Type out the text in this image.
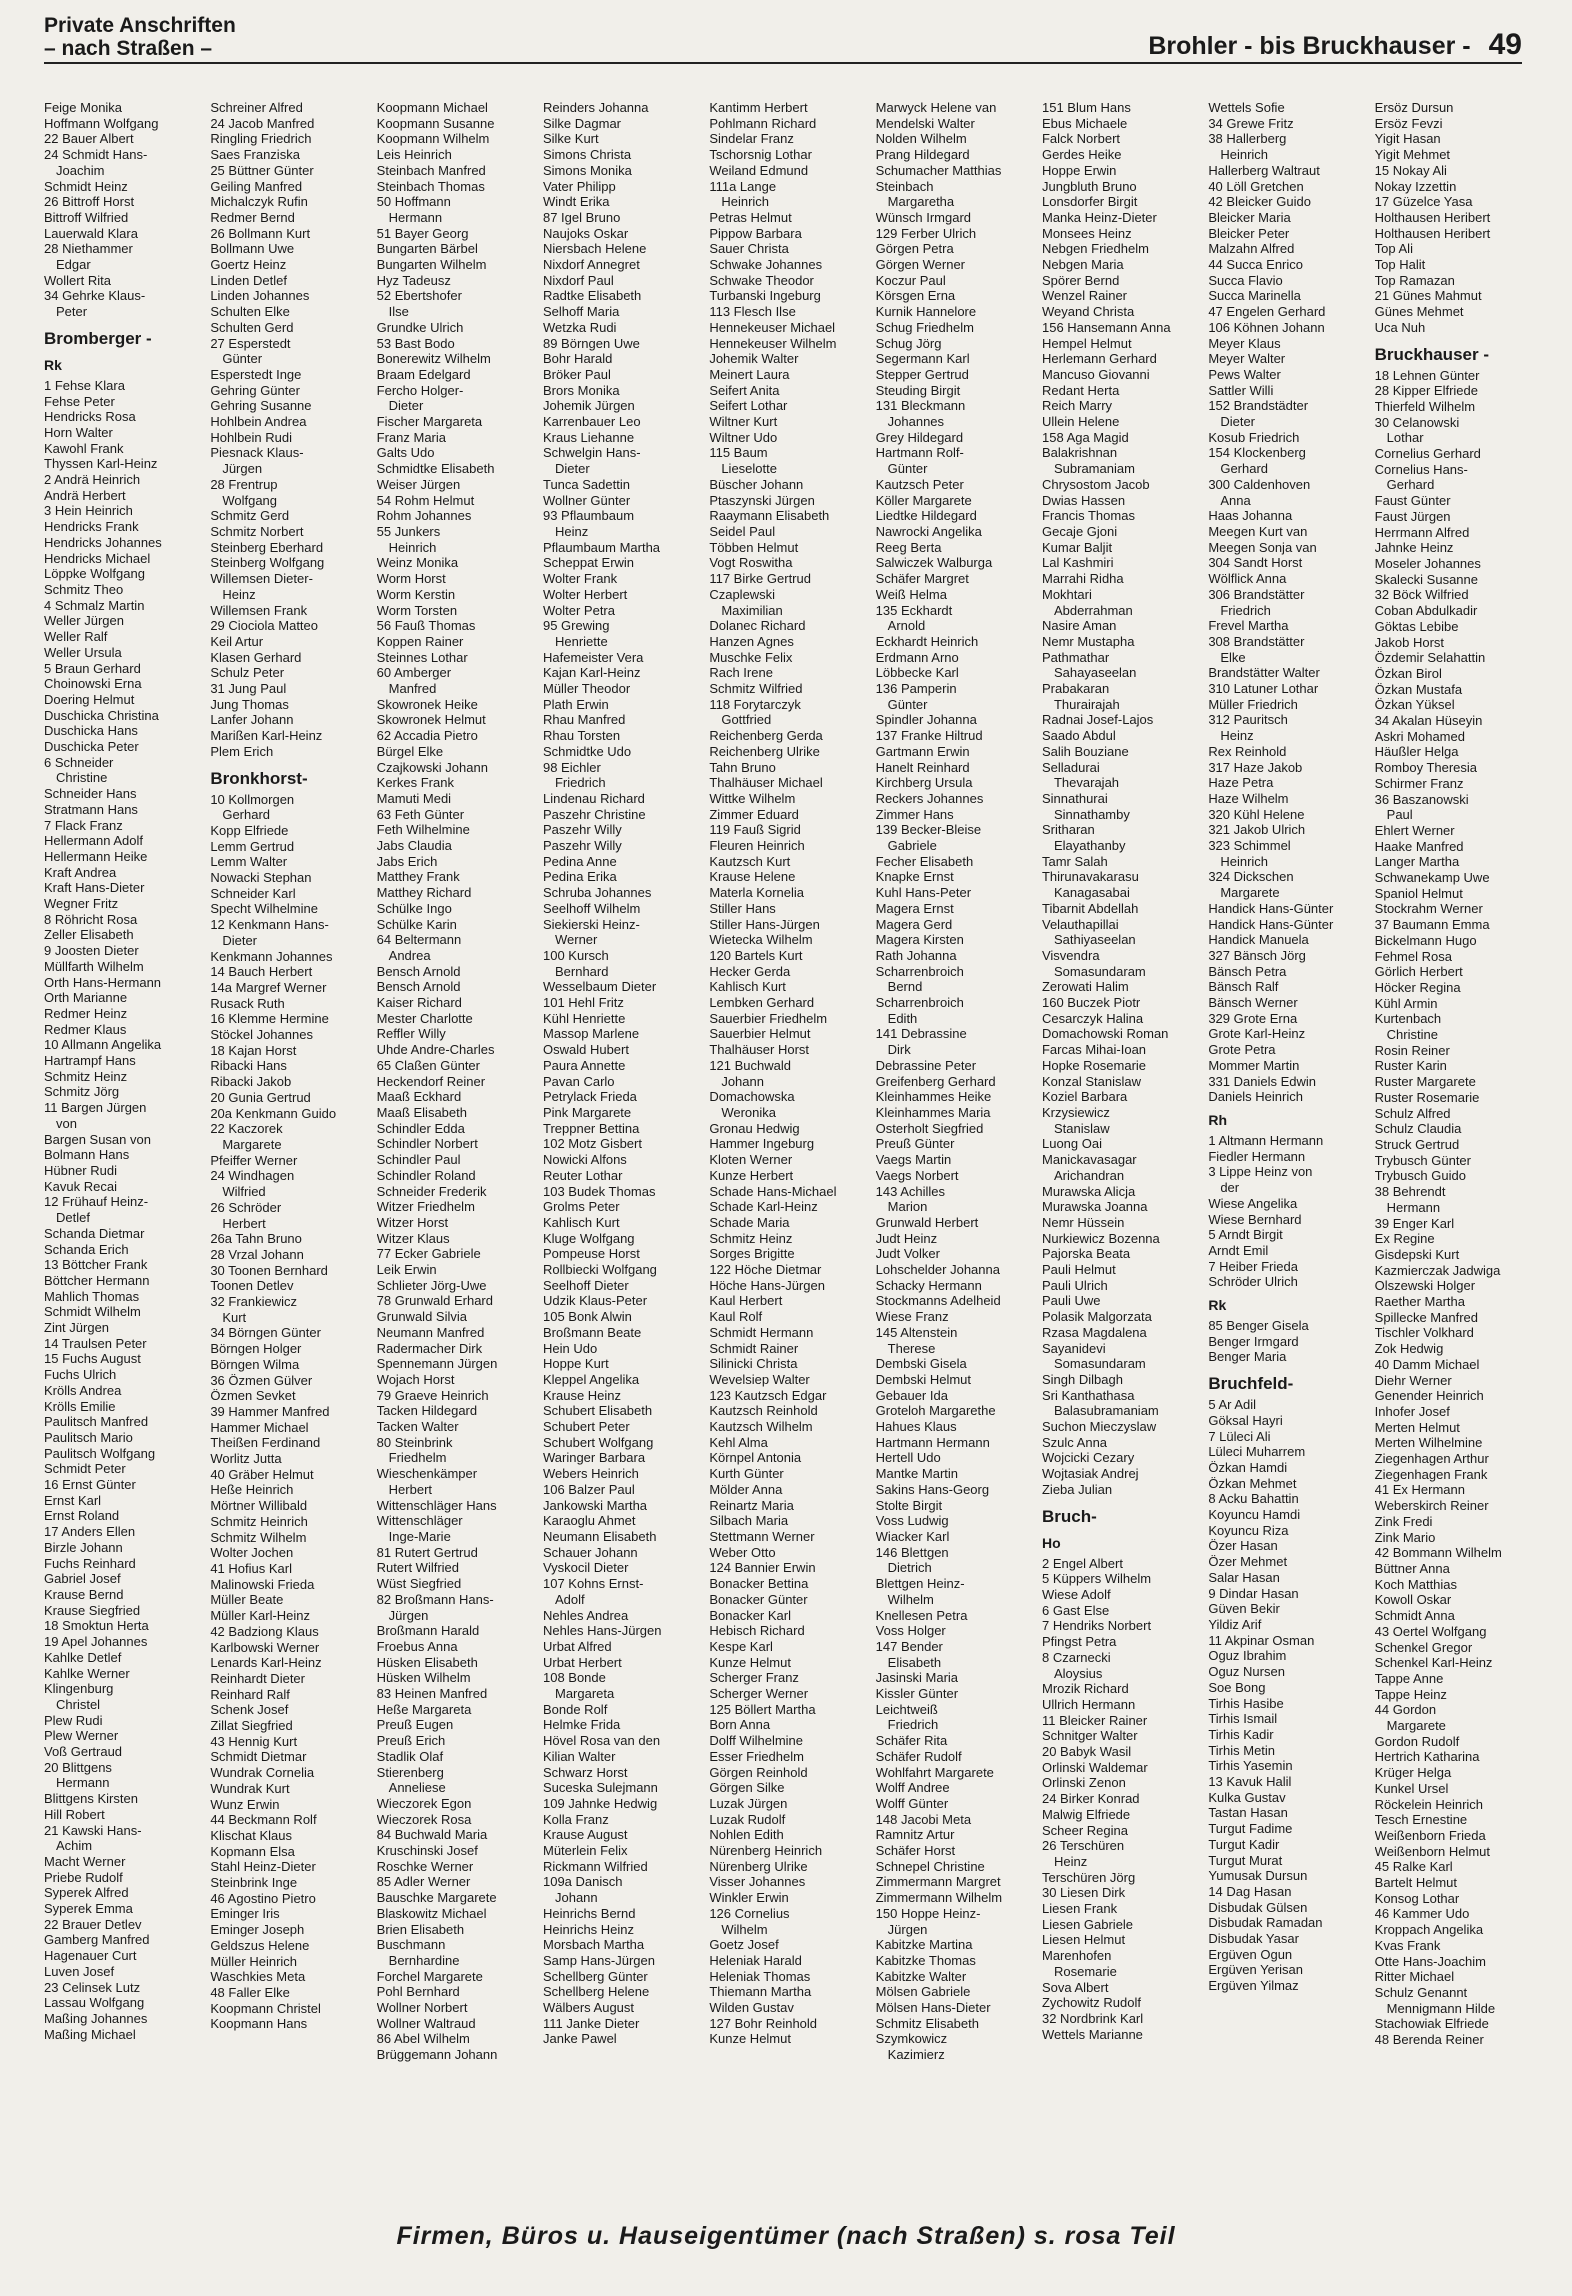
Private Anschriften
– nach Straßen –	Brohler - bis Bruckhauser - 49
Feige Monika
Hoffmann Wolfgang
22 Bauer Albert
24 Schmidt Hans-
Joachim
Schmidt Heinz
26 Bittroff Horst
Bittroff Wilfried
Lauerwald Klara
28 Niethammer
Edgar
Wollert Rita
34 Gehrke Klaus-
Peter
Bromberger -
Rk
1 Fehse Klara
Fehse Peter
Hendricks Rosa
Horn Walter
Kawohl Frank
Thyssen Karl-Heinz
2 Andrä Heinrich
Andrä Herbert
3 Hein Heinrich
Hendricks Frank
Hendricks Johannes
Hendricks Michael
Löppke Wolfgang
Schmitz Theo
4 Schmalz Martin
Weller Jürgen
Weller Ralf
Weller Ursula
5 Braun Gerhard
Choinowski Erna
Doering Helmut
Duschicka Christina
Duschicka Hans
Duschicka Peter
6 Schneider
Christine
Schneider Hans
Stratmann Hans
7 Flack Franz
Hellermann Adolf
Hellermann Heike
Kraft Andrea
Kraft Hans-Dieter
Wegner Fritz
8 Röhricht Rosa
Zeller Elisabeth
9 Joosten Dieter
Müllfarth Wilhelm
Orth Hans-Hermann
Orth Marianne
Redmer Heinz
Redmer Klaus
10 Allmann Angelika
Hartrampf Hans
Schmitz Heinz
Schmitz Jörg
11 Bargen Jürgen
von
Bargen Susan von
Bolmann Hans
Hübner Rudi
Kavuk Recai
12 Frühauf Heinz-
Detlef
Schanda Dietmar
Schanda Erich
13 Böttcher Frank
Böttcher Hermann
Mahlich Thomas
Schmidt Wilhelm
Zint Jürgen
14 Traulsen Peter
15 Fuchs August
Fuchs Ulrich
Krölls Andrea
Krölls Emilie
Paulitsch Manfred
Paulitsch Mario
Paulitsch Wolfgang
Schmidt Peter
16 Ernst Günter
Ernst Karl
Ernst Roland
17 Anders Ellen
Birzle Johann
Fuchs Reinhard
Gabriel Josef
Krause Bernd
Krause Siegfried
18 Smoktun Herta
19 Apel Johannes
Kahlke Detlef
Kahlke Werner
Klingenburg
Christel
Plew Rudi
Plew Werner
Voß Gertraud
20 Blittgens
Hermann
Blittgens Kirsten
Hill Robert
21 Kawski Hans-
Achim
Macht Werner
Priebe Rudolf
Syperek Alfred
Syperek Emma
22 Brauer Detlev
Gamberg Manfred
Hagenauer Curt
Luven Josef
23 Celinsek Lutz
Lassau Wolfgang
Maßing Johannes
Maßing Michael
Schreiner Alfred
24 Jacob Manfred
Ringling Friedrich
Saes Franziska
25 Büttner Günter
Geiling Manfred
Michalczyk Rufin
Redmer Bernd
26 Bollmann Kurt
Bollmann Uwe
Goertz Heinz
Linden Detlef
Linden Johannes
Schulten Elke
Schulten Gerd
27 Esperstedt
Günter
Esperstedt Inge
Gehring Günter
Gehring Susanne
Hohlbein Andrea
Hohlbein Rudi
Piesnack Klaus-
Jürgen
28 Frentrup
Wolfgang
Schmitz Gerd
Schmitz Norbert
Steinberg Eberhard
Steinberg Wolfgang
Willemsen Dieter-
Heinz
Willemsen Frank
29 Ciociola Matteo
Keil Artur
Klasen Gerhard
Schulz Peter
31 Jung Paul
Jung Thomas
Lanfer Johann
Marißen Karl-Heinz
Plem Erich
Bronkhorst-
10 Kollmorgen
Gerhard
Kopp Elfriede
Lemm Gertrud
Lemm Walter
Nowacki Stephan
Schneider Karl
Specht Wilhelmine
12 Kenkmann Hans-
Dieter
Kenkmann Johannes
14 Bauch Herbert
14a Margref Werner
Rusack Ruth
16 Klemme Hermine
Stöckel Johannes
18 Kajan Horst
Ribacki Hans
Ribacki Jakob
20 Gunia Gertrud
20a Kenkmann Guido
22 Kaczorek
Margarete
Pfeiffer Werner
24 Windhagen
Wilfried
26 Schröder
Herbert
26a Tahn Bruno
28 Vrzal Johann
30 Toonen Bernhard
Toonen Detlev
32 Frankiewicz
Kurt
34 Börngen Günter
Börngen Holger
Börngen Wilma
36 Özmen Gülver
Özmen Sevket
39 Hammer Manfred
Hammer Michael
Theißen Ferdinand
Worlitz Jutta
40 Gräber Helmut
Heße Heinrich
Mörtner Willibald
Schmitz Heinrich
Schmitz Wilhelm
Wolter Jochen
41 Hofius Karl
Malinowski Frieda
Müller Beate
Müller Karl-Heinz
42 Badziong Klaus
Karlbowski Werner
Lenards Karl-Heinz
Reinhardt Dieter
Reinhard Ralf
Schenk Josef
Zillat Siegfried
43 Hennig Kurt
Schmidt Dietmar
Wundrak Cornelia
Wundrak Kurt
Wunz Erwin
44 Beckmann Rolf
Klischat Klaus
Kopmann Elsa
Stahl Heinz-Dieter
Steinbrink Inge
46 Agostino Pietro
Eminger Iris
Eminger Joseph
Geldszus Helene
Müller Heinrich
Waschkies Meta
48 Faller Elke
Koopmann Christel
Koopmann Hans
Koopmann Michael
Koopmann Susanne
Koopmann Wilhelm
Leis Heinrich
Steinbach Manfred
Steinbach Thomas
50 Hoffmann
Hermann
51 Bayer Georg
Bungarten Bärbel
Bungarten Wilhelm
Hyz Tadeusz
52 Ebertshofer
Ilse
Grundke Ulrich
53 Bast Bodo
Bonerewitz Wilhelm
Braam Edelgard
Fercho Holger-
Dieter
Fischer Margareta
Franz Maria
Galts Udo
Schmidtke Elisabeth
Weiser Jürgen
54 Rohm Helmut
Rohm Johannes
55 Junkers
Heinrich
Weinz Monika
Worm Horst
Worm Kerstin
Worm Torsten
56 Fauß Thomas
Koppen Rainer
Steinnes Lothar
60 Amberger
Manfred
Skowronek Heike
Skowronek Helmut
62 Accadia Pietro
Bürgel Elke
Czajkowski Johann
Kerkes Frank
Mamuti Medi
63 Feth Günter
Feth Wilhelmine
Jabs Claudia
Jabs Erich
Matthey Frank
Matthey Richard
Schülke Ingo
Schülke Karin
64 Beltermann
Andrea
Bensch Arnold
Bensch Arnold
Kaiser Richard
Mester Charlotte
Reffler Willy
Uhde Andre-Charles
65 Claßen Günter
Heckendorf Reiner
Maaß Eckhard
Maaß Elisabeth
Schindler Edda
Schindler Norbert
Schindler Paul
Schindler Roland
Schneider Frederik
Witzer Friedhelm
Witzer Horst
Witzer Klaus
77 Ecker Gabriele
Leik Erwin
Schlieter Jörg-Uwe
78 Grunwald Erhard
Grunwald Silvia
Neumann Manfred
Radermacher Dirk
Spennemann Jürgen
Wojach Horst
79 Graeve Heinrich
Tacken Hildegard
Tacken Walter
80 Steinbrink
Friedhelm
Wieschenkämper
Herbert
Wittenschläger Hans
Wittenschläger
Inge-Marie
81 Rutert Gertrud
Rutert Wilfried
Wüst Siegfried
82 Broßmann Hans-
Jürgen
Broßmann Harald
Froebus Anna
Hüsken Elisabeth
Hüsken Wilhelm
83 Heinen Manfred
Heße Margareta
Preuß Eugen
Preuß Erich
Stadlik Olaf
Stierenberg
Anneliese
Wieczorek Egon
Wieczorek Rosa
84 Buchwald Maria
Kruschinski Josef
Roschke Werner
85 Adler Werner
Bauschke Margarete
Blaskowitz Michael
Brien Elisabeth
Buschmann
Bernhardine
Forchel Margarete
Pohl Bernhard
Wollner Norbert
Wollner Waltraud
86 Abel Wilhelm
Brüggemann Johann
Reinders Johanna
Silke Dagmar
Silke Kurt
Simons Christa
Simons Monika
Vater Philipp
Windt Erika
87 Igel Bruno
Naujoks Oskar
Niersbach Helene
Nixdorf Annegret
Nixdorf Paul
Radtke Elisabeth
Selhoff Maria
Wetzka Rudi
89 Börngen Uwe
Bohr Harald
Bröker Paul
Brors Monika
Johemik Jürgen
Karrenbauer Leo
Kraus Liehanne
Schwelgin Hans-
Dieter
Tunca Sadettin
Wollner Günter
93 Pflaumbaum
Heinz
Pflaumbaum Martha
Scheppat Erwin
Wolter Frank
Wolter Herbert
Wolter Petra
95 Grewing
Henriette
Hafemeister Vera
Kajan Karl-Heinz
Müller Theodor
Plath Erwin
Rhau Manfred
Rhau Torsten
Schmidtke Udo
98 Eichler
Friedrich
Lindenau Richard
Paszehr Christine
Paszehr Willy
Paszehr Willy
Pedina Anne
Pedina Erika
Schruba Johannes
Seelhoff Wilhelm
Siekierski Heinz-
Werner
100 Kursch
Bernhard
Wesselbaum Dieter
101 Hehl Fritz
Kühl Henriette
Massop Marlene
Oswald Hubert
Paura Annette
Pavan Carlo
Petrylack Frieda
Pink Margarete
Treppner Bettina
102 Motz Gisbert
Nowicki Alfons
Reuter Lothar
103 Budek Thomas
Grolms Peter
Kahlisch Kurt
Kluge Wolfgang
Pompeuse Horst
Rollbiecki Wolfgang
Seelhoff Dieter
Udzik Klaus-Peter
105 Bonk Alwin
Broßmann Beate
Hein Udo
Hoppe Kurt
Kleppel Angelika
Krause Heinz
Schubert Elisabeth
Schubert Peter
Schubert Wolfgang
Waringer Barbara
Webers Heinrich
106 Balzer Paul
Jankowski Martha
Karaoglu Ahmet
Neumann Elisabeth
Schauer Johann
Vyskocil Dieter
107 Kohns Ernst-
Adolf
Nehles Andrea
Nehles Hans-Jürgen
Urbat Alfred
Urbat Herbert
108 Bonde
Margareta
Bonde Rolf
Helmke Frida
Hövel Rosa van den
Kilian Walter
Schwarz Horst
Suceska Sulejmann
109 Jahnke Hedwig
Kolla Franz
Krause August
Müterlein Felix
Rickmann Wilfried
109a Danisch
Johann
Heinrichs Bernd
Heinrichs Heinz
Morsbach Martha
Samp Hans-Jürgen
Schellberg Günter
Schellberg Helene
Wälbers August
111 Janke Dieter
Janke Pawel
Kantimm Herbert
Pohlmann Richard
Sindelar Franz
Tschorsnig Lothar
Weiland Edmund
111a Lange
Heinrich
Petras Helmut
Pippow Barbara
Sauer Christa
Schwake Johannes
Schwake Theodor
Turbanski Ingeburg
113 Flesch Ilse
Hennekeuser Michael
Hennekeuser Wilhelm
Johemik Walter
Meinert Laura
Seifert Anita
Seifert Lothar
Wiltner Kurt
Wiltner Udo
115 Baum
Lieselotte
Büscher Johann
Ptaszynski Jürgen
Raaymann Elisabeth
Seidel Paul
Többen Helmut
Vogt Roswitha
117 Birke Gertrud
Czaplewski
Maximilian
Dolanec Richard
Hanzen Agnes
Muschke Felix
Rach Irene
Schmitz Wilfried
118 Forytarczyk
Gottfried
Reichenberg Gerda
Reichenberg Ulrike
Tahn Bruno
Thalhäuser Michael
Wittke Wilhelm
Zimmer Eduard
119 Fauß Sigrid
Fleuren Heinrich
Kautzsch Kurt
Krause Helene
Materla Kornelia
Stiller Hans
Stiller Hans-Jürgen
Wietecka Wilhelm
120 Bartels Kurt
Hecker Gerda
Kahlisch Kurt
Lembken Gerhard
Sauerbier Friedhelm
Sauerbier Helmut
Thalhäuser Horst
121 Buchwald
Johann
Domachowska
Weronika
Gronau Hedwig
Hammer Ingeburg
Kloten Werner
Kunze Herbert
Schade Hans-Michael
Schade Karl-Heinz
Schade Maria
Schmitz Heinz
Sorges Brigitte
122 Höche Dietmar
Höche Hans-Jürgen
Kaul Herbert
Kaul Rolf
Schmidt Hermann
Schmidt Rainer
Silinicki Christa
Wevelsiep Walter
123 Kautzsch Edgar
Kautzsch Reinhold
Kautzsch Wilhelm
Kehl Alma
Körnpel Antonia
Kurth Günter
Mölder Anna
Reinartz Maria
Silbach Maria
Stettmann Werner
Weber Otto
124 Bannier Erwin
Bonacker Bettina
Bonacker Günter
Bonacker Karl
Hebisch Richard
Kespe Karl
Kunze Helmut
Scherger Franz
Scherger Werner
125 Böllert Martha
Born Anna
Dolff Wilhelmine
Esser Friedhelm
Görgen Reinhold
Görgen Silke
Luzak Jürgen
Luzak Rudolf
Nohlen Edith
Nürenberg Heinrich
Nürenberg Ulrike
Visser Johannes
Winkler Erwin
126 Cornelius
Wilhelm
Goetz Josef
Heleniak Harald
Heleniak Thomas
Thiemann Martha
Wilden Gustav
127 Bohr Reinhold
Kunze Helmut
Marwyck Helene van
Mendelski Walter
Nolden Wilhelm
Prang Hildegard
Schumacher Matthias
Steinbach
Margaretha
Wünsch Irmgard
129 Ferber Ulrich
Görgen Petra
Görgen Werner
Koczur Paul
Körsgen Erna
Kurnik Hannelore
Schug Friedhelm
Schug Jörg
Segermann Karl
Stepper Gertrud
Steuding Birgit
131 Bleckmann
Johannes
Grey Hildegard
Hartmann Rolf-
Günter
Kautzsch Peter
Köller Margarete
Liedtke Hildegard
Nawrocki Angelika
Reeg Berta
Salwiczek Walburga
Schäfer Margret
Weiß Helma
135 Eckhardt
Arnold
Eckhardt Heinrich
Erdmann Arno
Löbbecke Karl
136 Pamperin
Günter
Spindler Johanna
137 Franke Hiltrud
Gartmann Erwin
Hanelt Reinhard
Kirchberg Ursula
Reckers Johannes
Zimmer Hans
139 Becker-Bleise
Gabriele
Fecher Elisabeth
Knapke Ernst
Kuhl Hans-Peter
Magera Ernst
Magera Gerd
Magera Kirsten
Rath Johanna
Scharrenbroich
Bernd
Scharrenbroich
Edith
141 Debrassine
Dirk
Debrassine Peter
Greifenberg Gerhard
Kleinhammes Heike
Kleinhammes Maria
Osterholt Siegfried
Preuß Günter
Vaegs Martin
Vaegs Norbert
143 Achilles
Marion
Grunwald Herbert
Judt Heinz
Judt Volker
Lohschelder Johanna
Schacky Hermann
Stockmanns Adelheid
Wiese Franz
145 Altenstein
Therese
Dembski Gisela
Dembski Helmut
Gebauer Ida
Groteloh Margarethe
Hahues Klaus
Hartmann Hermann
Hertell Udo
Mantke Martin
Sakins Hans-Georg
Stolte Birgit
Voss Ludwig
Wiacker Karl
146 Blettgen
Dietrich
Blettgen Heinz-
Wilhelm
Knellesen Petra
Voss Holger
147 Bender
Elisabeth
Jasinski Maria
Kissler Günter
Leichtweiß
Friedrich
Schäfer Rita
Schäfer Rudolf
Wohlfahrt Margarete
Wolff Andree
Wolff Günter
148 Jacobi Meta
Ramnitz Artur
Schäfer Horst
Schnepel Christine
Zimmermann Margret
Zimmermann Wilhelm
150 Hoppe Heinz-
Jürgen
Kabitzke Martina
Kabitzke Thomas
Kabitzke Walter
Mölsen Gabriele
Mölsen Hans-Dieter
Schmitz Elisabeth
Szymkowicz
Kazimierz
151 Blum Hans
Ebus Michaele
Falck Norbert
Gerdes Heike
Hoppe Erwin
Jungbluth Bruno
Lonsdorfer Birgit
Manka Heinz-Dieter
Monsees Heinz
Nebgen Friedhelm
Nebgen Maria
Spörer Bernd
Wenzel Rainer
Weyand Christa
156 Hansemann Anna
Hempel Helmut
Herlemann Gerhard
Mancuso Giovanni
Redant Herta
Reich Marry
Ullein Helene
158 Aga Magid
Balakrishnan
Subramaniam
Chrysostom Jacob
Dwias Hassen
Francis Thomas
Gecaje Gjoni
Kumar Baljit
Lal Kashmiri
Marrahi Ridha
Mokhtari
Abderrahman
Nasire Aman
Nemr Mustapha
Pathmathar
Sahayaseelan
Prabakaran
Thurairajah
Radnai Josef-Lajos
Saado Abdul
Salih Bouziane
Selladurai
Thevarajah
Sinnathurai
Sinnathamby
Sritharan
Elayathanby
Tamr Salah
Thirunavakarasu
Kanagasabai
Tibarnit Abdellah
Velauthapillai
Sathiyaseelan
Visvendra
Somasundaram
Zerowati Halim
160 Buczek Piotr
Cesarczyk Halina
Domachowski Roman
Farcas Mihai-Ioan
Hopke Rosemarie
Konzal Stanislaw
Koziel Barbara
Krzysiewicz
Stanislaw
Luong Oai
Manickavasagar
Arichandran
Murawska Alicja
Murawska Joanna
Nemr Hüssein
Nurkiewicz Bozenna
Pajorska Beata
Pauli Helmut
Pauli Ulrich
Pauli Uwe
Polasik Malgorzata
Rzasa Magdalena
Sayanidevi
Somasundaram
Singh Dilbagh
Sri Kanthathasa
Balasubramaniam
Suchon Mieczyslaw
Szulc Anna
Wojcicki Cezary
Wojtasiak Andrej
Zieba Julian
Bruch-
Ho
2 Engel Albert
5 Küppers Wilhelm
Wiese Adolf
6 Gast Else
7 Hendriks Norbert
Pfingst Petra
8 Czarnecki
Aloysius
Mrozik Richard
Ullrich Hermann
11 Bleicker Rainer
Schnitger Walter
20 Babyk Wasil
Orlinski Waldemar
Orlinski Zenon
24 Birker Konrad
Malwig Elfriede
Scheer Regina
26 Terschüren
Heinz
Terschüren Jörg
30 Liesen Dirk
Liesen Frank
Liesen Gabriele
Liesen Helmut
Marenhofen
Rosemarie
Sova Albert
Zychowitz Rudolf
32 Nordbrink Karl
Wettels Marianne
Wettels Sofie
34 Grewe Fritz
38 Hallerberg
Heinrich
Hallerberg Waltraut
40 Löll Gretchen
42 Bleicker Guido
Bleicker Maria
Bleicker Peter
Malzahn Alfred
44 Succa Enrico
Succa Flavio
Succa Marinella
47 Engelen Gerhard
106 Köhnen Johann
Meyer Klaus
Meyer Walter
Pews Walter
Sattler Willi
152 Brandstädter
Dieter
Kosub Friedrich
154 Klockenberg
Gerhard
300 Caldenhoven
Anna
Haas Johanna
Meegen Kurt van
Meegen Sonja van
304 Sandt Horst
Wölflick Anna
306 Brandstätter
Friedrich
Frevel Martha
308 Brandstätter
Elke
Brandstätter Walter
310 Latuner Lothar
Müller Friedrich
312 Pauritsch
Heinz
Rex Reinhold
317 Haze Jakob
Haze Petra
Haze Wilhelm
320 Kühl Helene
321 Jakob Ulrich
323 Schimmel
Heinrich
324 Dickschen
Margarete
Handick Hans-Günter
Handick Hans-Günter
Handick Manuela
327 Bänsch Jörg
Bänsch Petra
Bänsch Ralf
Bänsch Werner
329 Grote Erna
Grote Karl-Heinz
Grote Petra
Mommer Martin
331 Daniels Edwin
Daniels Heinrich
Rh
1 Altmann Hermann
Fiedler Hermann
3 Lippe Heinz von
der
Wiese Angelika
Wiese Bernhard
5 Arndt Birgit
Arndt Emil
7 Heiber Frieda
Schröder Ulrich
Rk
85 Benger Gisela
Benger Irmgard
Benger Maria
Bruchfeld-
5 Ar Adil
Göksal Hayri
7 Lüleci Ali
Lüleci Muharrem
Özkan Hamdi
Özkan Mehmet
8 Acku Bahattin
Koyuncu Hamdi
Koyuncu Riza
Özer Hasan
Özer Mehmet
Salar Hasan
9 Dindar Hasan
Güven Bekir
Yildiz Arif
11 Akpinar Osman
Oguz Ibrahim
Oguz Nursen
Soe Bong
Tirhis Hasibe
Tirhis Ismail
Tirhis Kadir
Tirhis Metin
Tirhis Yasemin
13 Kavuk Halil
Kulka Gustav
Tastan Hasan
Turgut Fadime
Turgut Kadir
Turgut Murat
Yumusak Dursun
14 Dag Hasan
Disbudak Gülsen
Disbudak Ramadan
Disbudak Yasar
Ergüven Ogun
Ergüven Yerisan
Ergüven Yilmaz
Ersöz Dursun
Ersöz Fevzi
Yigit Hasan
Yigit Mehmet
15 Nokay Ali
Nokay Izzettin
17 Güzelce Yasa
Holthausen Heribert
Holthausen Heribert
Top Ali
Top Halit
Top Ramazan
21 Günes Mahmut
Günes Mehmet
Uca Nuh
Bruckhauser -
18 Lehnen Günter
28 Kipper Elfriede
Thierfeld Wilhelm
30 Celanowski
Lothar
Cornelius Gerhard
Cornelius Hans-
Gerhard
Faust Günter
Faust Jürgen
Herrmann Alfred
Jahnke Heinz
Moseler Johannes
Skalecki Susanne
32 Böck Wilfried
Coban Abdulkadir
Göktas Lebibe
Jakob Horst
Özdemir Selahattin
Özkan Birol
Özkan Mustafa
Özkan Yüksel
34 Akalan Hüseyin
Askri Mohamed
Häußler Helga
Romboy Theresia
Schirmer Franz
36 Baszanowski
Paul
Ehlert Werner
Haake Manfred
Langer Martha
Schwanekamp Uwe
Spaniol Helmut
Stockrahm Werner
37 Baumann Emma
Bickelmann Hugo
Fehmel Rosa
Görlich Herbert
Höcker Regina
Kühl Armin
Kurtenbach
Christine
Rosin Reiner
Ruster Karin
Ruster Margarete
Ruster Rosemarie
Schulz Alfred
Schulz Claudia
Struck Gertrud
Trybusch Günter
Trybusch Guido
38 Behrendt
Hermann
39 Enger Karl
Ex Regine
Gisdepski Kurt
Kazmierczak Jadwiga
Olszewski Holger
Raether Martha
Spillecke Manfred
Tischler Volkhard
Zok Hedwig
40 Damm Michael
Diehr Werner
Genender Heinrich
Inhofer Josef
Merten Helmut
Merten Wilhelmine
Ziegenhagen Arthur
Ziegenhagen Frank
41 Ex Hermann
Weberskirch Reiner
Zink Fredi
Zink Mario
42 Bommann Wilhelm
Büttner Anna
Koch Matthias
Kowoll Oskar
Schmidt Anna
43 Oertel Wolfgang
Schenkel Gregor
Schenkel Karl-Heinz
Tappe Anne
Tappe Heinz
44 Gordon
Margarete
Gordon Rudolf
Hertrich Katharina
Krüger Helga
Kunkel Ursel
Röckelein Heinrich
Tesch Ernestine
Weißenborn Frieda
Weißenborn Helmut
45 Ralke Karl
Bartelt Helmut
Konsog Lothar
46 Kammer Udo
Kroppach Angelika
Kvas Frank
Otte Hans-Joachim
Ritter Michael
Schulz Genannt
Mennigmann Hilde
Stachowiak Elfriede
48 Berenda Reiner
Firmen, Büros u. Hauseigentümer (nach Straßen) s. rosa Teil
